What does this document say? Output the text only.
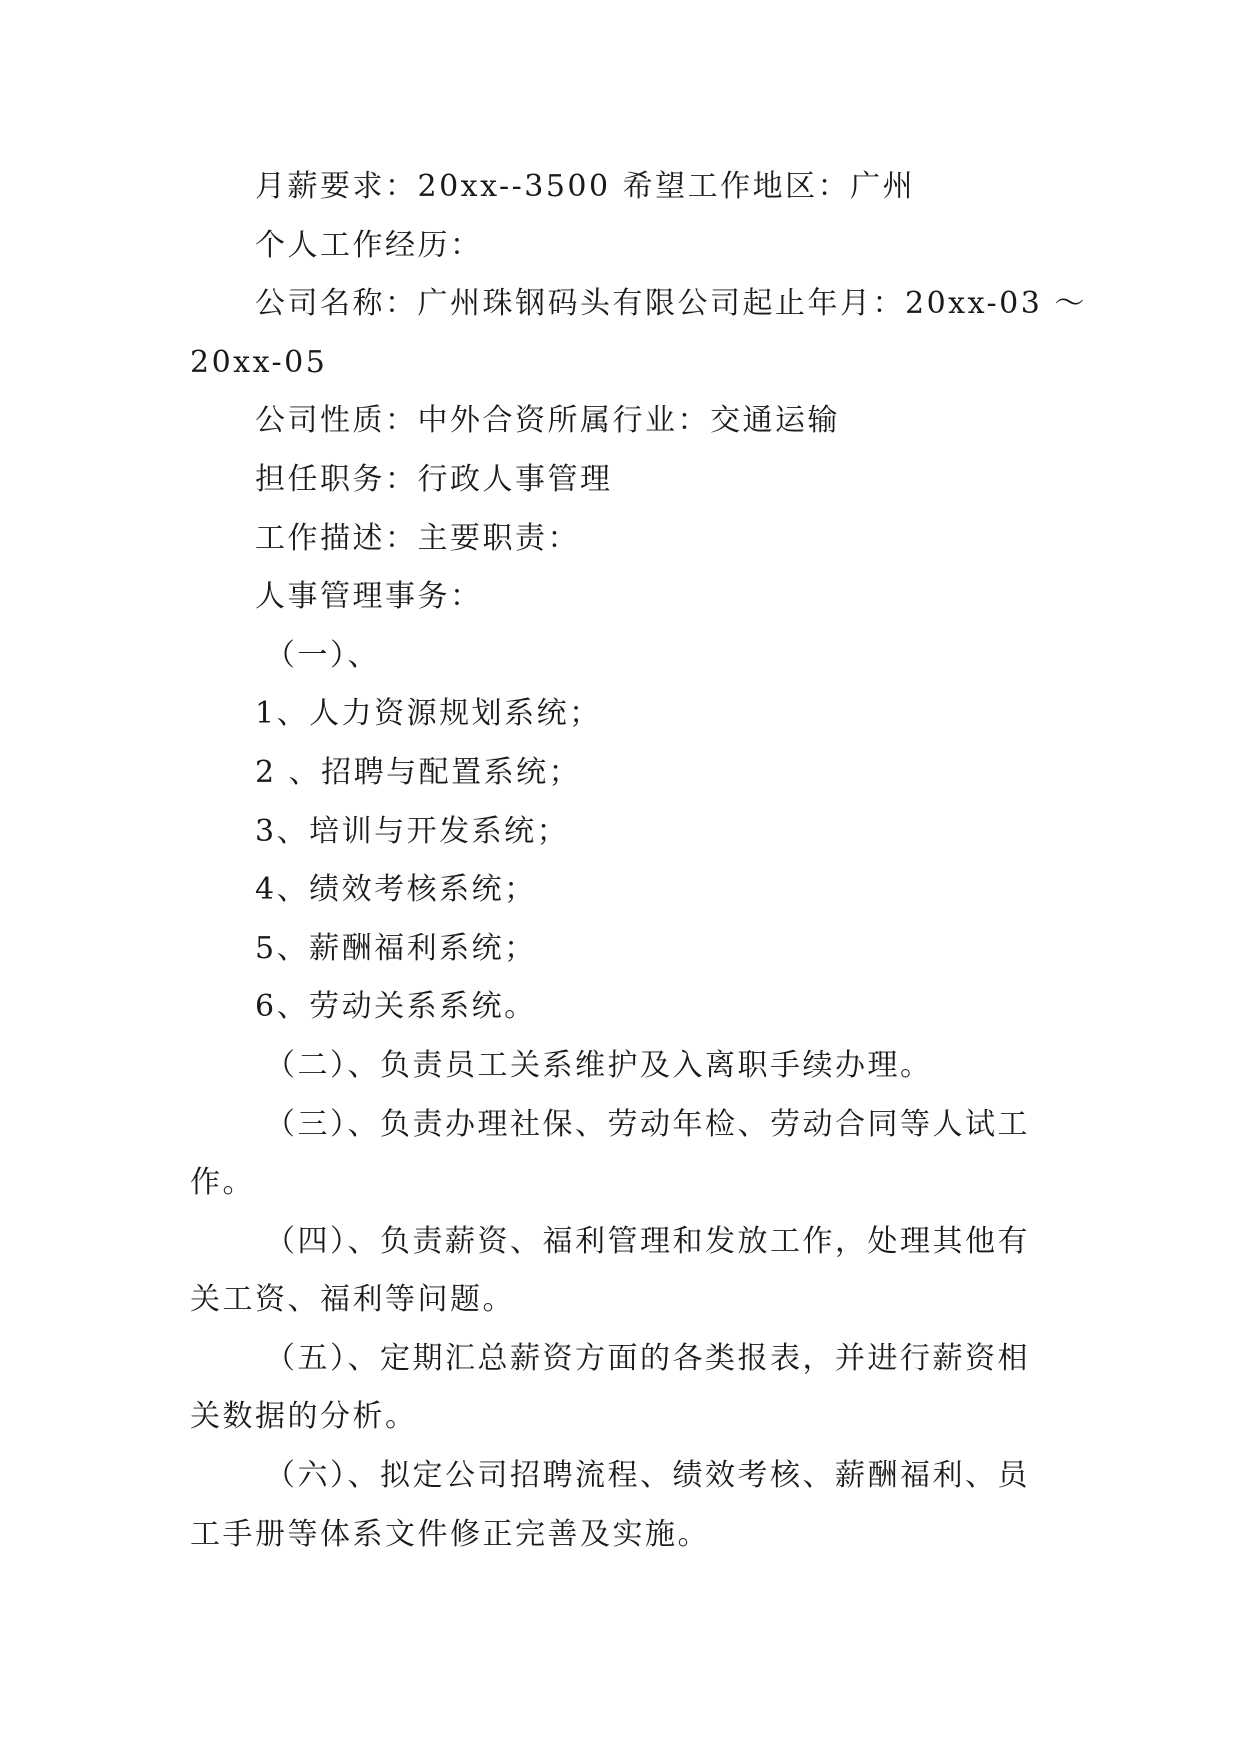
月薪要求：20xx--3500 希望工作地区：广州
个人工作经历：
公司名称：广州珠钢码头有限公司起止年月：20xx-03 ～
20xx-05
公司性质：中外合资所属行业：交通运输
担任职务：行政人事管理
工作描述：主要职责：
人事管理事务：
（一）、
1、人力资源规划系统；
2 、招聘与配置系统；
3、培训与开发系统；
4、绩效考核系统；
5、薪酬福利系统；
6、劳动关系系统。
（二）、负责员工关系维护及入离职手续办理。
（三）、负责办理社保、劳动年检、劳动合同等人试工
作。
（四）、负责薪资、福利管理和发放工作，处理其他有
关工资、福利等问题。
（五）、定期汇总薪资方面的各类报表，并进行薪资相
关数据的分析。
（六）、拟定公司招聘流程、绩效考核、薪酬福利、员
工手册等体系文件修正完善及实施。
